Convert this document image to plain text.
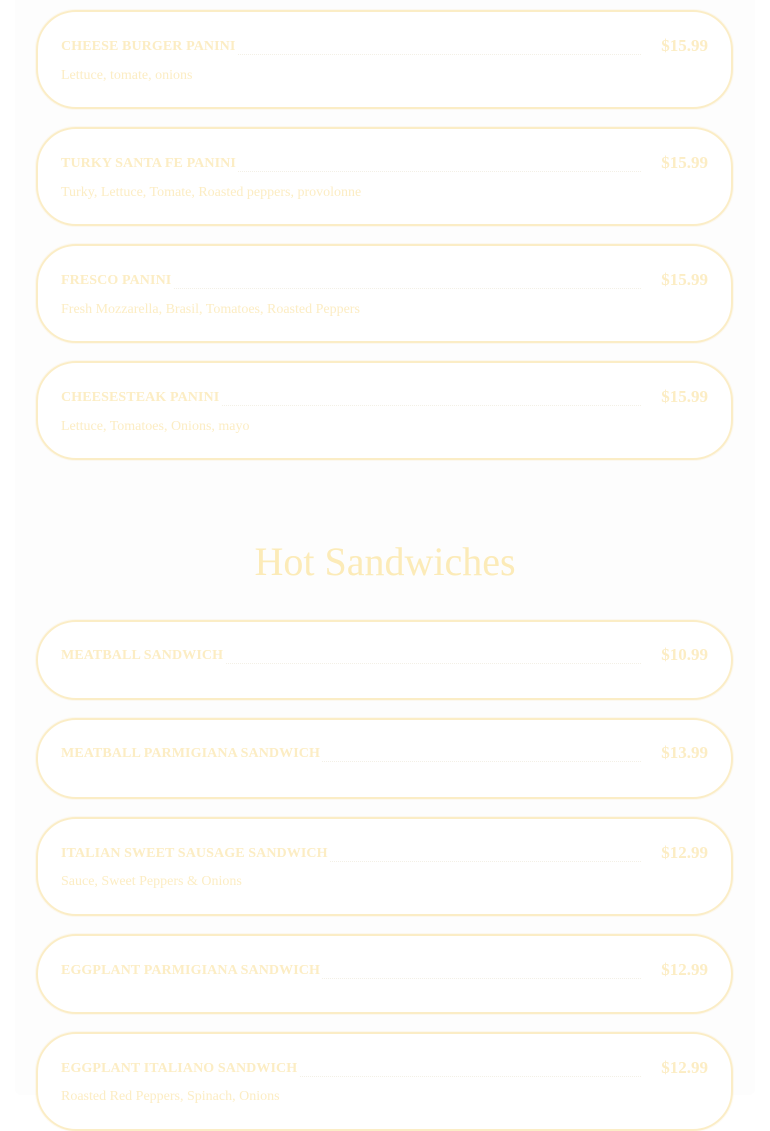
CHEESE BURGER PANINI	$15.99
Lettuce, tomate, onions
TURKY SANTA FE PANINI	$15.99
Turky, Lettuce, Tomate, Roasted peppers, provolonne
FRESCO PANINI	$15.99
Fresh Mozzarella, Brasil, Tomatoes, Roasted Peppers
CHEESESTEAK PANINI	$15.99
Lettuce, Tomatoes, Onions, mayo
Hot Sandwiches
MEATBALL SANDWICH	$10.99
MEATBALL PARMIGIANA SANDWICH	$13.99
ITALIAN SWEET SAUSAGE SANDWICH	$12.99
Sauce, Sweet Peppers & Onions
EGGPLANT PARMIGIANA SANDWICH	$12.99
EGGPLANT ITALIANO SANDWICH	$12.99
Roasted Red Peppers, Spinach, Onions
